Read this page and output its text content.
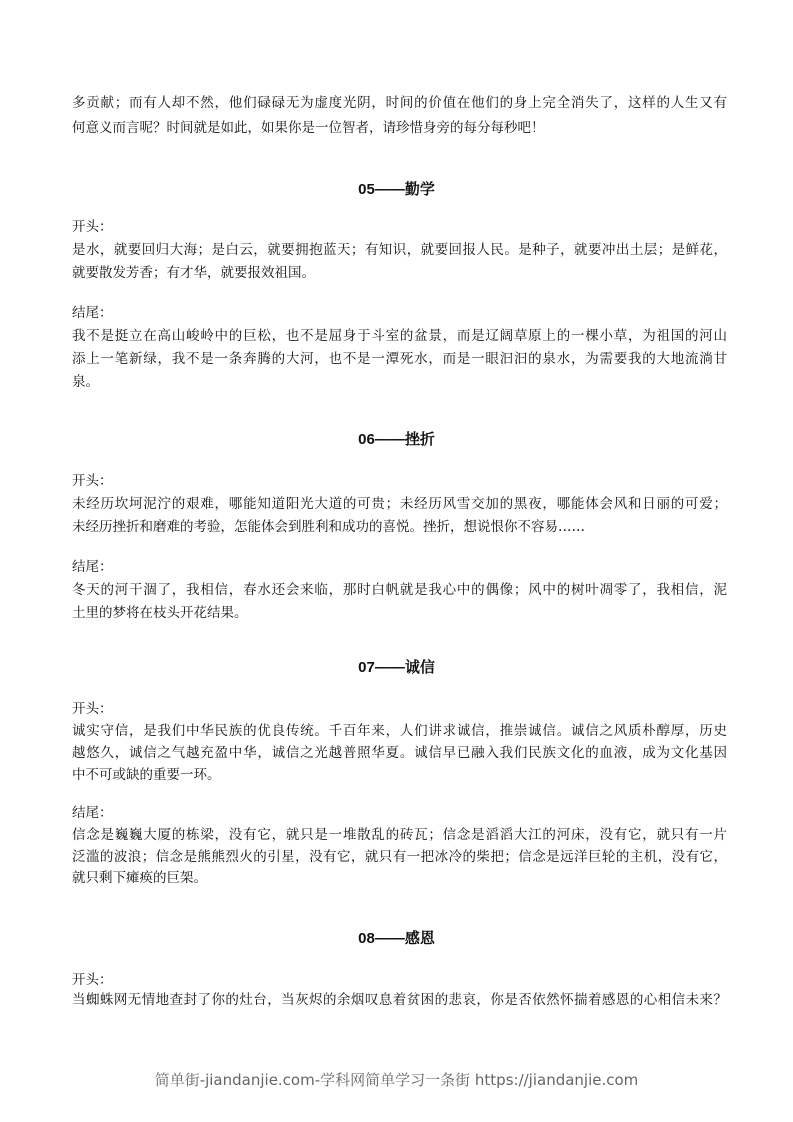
多贡献；而有人却不然，他们碌碌无为虚度光阴，时间的价值在他们的身上完全消失了，这样的人生又有
何意义而言呢？时间就是如此，如果你是一位智者，请珍惜身旁的每分每秒吧！
05——勤学
开头：
是水，就要回归大海；是白云，就要拥抱蓝天；有知识，就要回报人民。是种子，就要冲出土层；是鲜花，
就要散发芳香；有才华，就要报效祖国。
结尾：
我不是挺立在高山峻岭中的巨松，也不是屈身于斗室的盆景，而是辽阔草原上的一棵小草，为祖国的河山
添上一笔新绿，我不是一条奔腾的大河，也不是一潭死水，而是一眼汩汩的泉水，为需要我的大地流淌甘
泉。
06——挫折
开头：
未经历坎坷泥泞的艰难，哪能知道阳光大道的可贵；未经历风雪交加的黑夜，哪能体会风和日丽的可爱；
未经历挫折和磨难的考验，怎能体会到胜利和成功的喜悦。挫折，想说恨你不容易……
结尾：
冬天的河干涸了，我相信，春水还会来临，那时白帆就是我心中的偶像；风中的树叶凋零了，我相信，泥
土里的梦将在枝头开花结果。
07——诚信
开头：
诚实守信，是我们中华民族的优良传统。千百年来，人们讲求诚信，推崇诚信。诚信之风质朴醇厚，历史
越悠久，诚信之气越充盈中华，诚信之光越普照华夏。诚信早已融入我们民族文化的血液，成为文化基因
中不可或缺的重要一环。
结尾：
信念是巍巍大厦的栋梁，没有它，就只是一堆散乱的砖瓦；信念是滔滔大江的河床，没有它，就只有一片
泛滥的波浪；信念是熊熊烈火的引星，没有它，就只有一把冰冷的柴把；信念是远洋巨轮的主机，没有它，
就只剩下瘫痪的巨架。
08——感恩
开头：
当蜘蛛网无情地查封了你的灶台，当灰烬的余烟叹息着贫困的悲哀，你是否依然怀揣着感恩的心相信未来？
简单街-jiandanjie.com-学科网简单学习一条街 https://jiandanjie.com
